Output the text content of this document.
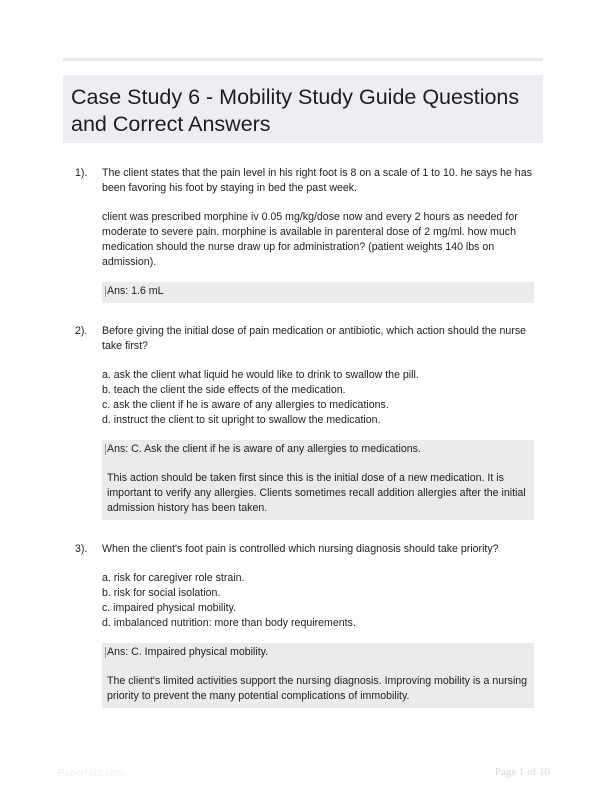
Case Study 6 - Mobility Study Guide Questions and Correct Answers
1). The client states that the pain level in his right foot is 8 on a scale of 1 to 10. he says he has been favoring his foot by staying in bed the past week.

client was prescribed morphine iv 0.05 mg/kg/dose now and every 2 hours as needed for moderate to severe pain. morphine is available in parenteral dose of 2 mg/ml. how much medication should the nurse draw up for administration? (patient weights 140 lbs on admission).

Ans: 1.6 mL

2). Before giving the initial dose of pain medication or antibiotic, which action should the nurse take first?

a. ask the client what liquid he would like to drink to swallow the pill.
b. teach the client the side effects of the medication.
c. ask the client if he is aware of any allergies to medications.
d. instruct the client to sit upright to swallow the medication.

Ans: C. Ask the client if he is aware of any allergies to medications.

This action should be taken first since this is the initial dose of a new medication. It is important to verify any allergies. Clients sometimes recall addition allergies after the initial admission history has been taken.

3). When the client's foot pain is controlled which nursing diagnosis should take priority?

a. risk for caregiver role strain.
b. risk for social isolation.
c. impaired physical mobility.
d. imbalanced nutrition: more than body requirements.

Ans: C. Impaired physical mobility.

The client's limited activities support the nursing diagnosis. Improving mobility is a nursing priority to prevent the many potential complications of immobility.

PaperNibr.com	Page 1 of 10
